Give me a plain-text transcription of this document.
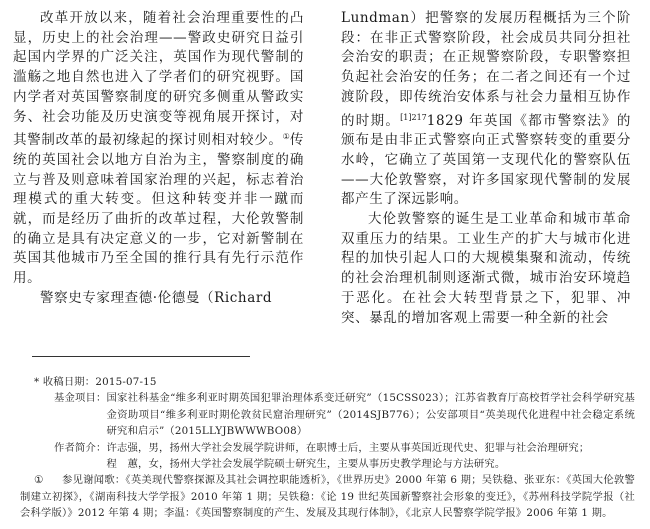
改革开放以来，随着社会治理重要性的凸显，历史上的社会治理——警政史研究日益引起国内学界的广泛关注，英国作为现代警制的滥觞之地自然也进入了学者们的研究视野。国内学者对英国警察制度的研究多侧重从警政实务、社会功能及历史演变等视角展开探讨，对其警制改革的最初缘起的探讨则相对较少。①传统的英国社会以地方自治为主，警察制度的确立与普及则意味着国家治理的兴起，标志着治理模式的重大转变。但这种转变并非一蹴而就，而是经历了曲折的改革过程，大伦敦警制的确立是具有决定意义的一步，它对新警制在英国其他城市乃至全国的推行具有先行示范作用。

警察史专家理查德·伦德曼（Richard

Lundman）把警察的发展历程概括为三个阶段：在非正式警察阶段，社会成员共同分担社会治安的职责；在正规警察阶段，专职警察担负起社会治安的任务；在二者之间还有一个过渡阶段，即传统治安体系与社会力量相互协作的时期。$^{[1]217}$1829 年英国《都市警察法》的颁布是由非正式警察向正式警察转变的重要分水岭，它确立了英国第一支现代化的警察队伍——大伦敦警察，对许多国家现代警制的发展都产生了深远影响。

大伦敦警察的诞生是工业革命和城市革命双重压力的结果。工业生产的扩大与城市化进程的加快引起人口的大规模集聚和流动，传统的社会治理机制则逐渐式微，城市治安环境趋于恶化。在社会大转型背景之下，犯罪、冲突、暴乱的增加客观上需要一种全新的社会

* 收稿日期： 2015-07-15
基金项目： 国家社科基金“维多利亚时期英国犯罪治理体系变迁研究”（15CSS023）；江苏省教育厅高校哲学社会科学研究基金资助项目“维多利亚时期伦敦贫民窟治理研究”（2014SJB776）；公安部项目“英美现代化进程中社会稳定系统研究和启示”（2015LLYJBWWWBO08）
作者简介： 许志强，男，扬州大学社会发展学院讲师，在职博士后，主要从事英国近现代史、犯罪与社会治理研究；
程　蕙，女，扬州大学社会发展学院硕士研究生，主要从事历史教学理论与方法研究。
① 参见谢闻歌：《英美现代警察探源及其社会调控职能透析》，《世界历史》2000 年第 6 期；吴铁稳、张亚东：《英国大伦敦警制建立初探》，《湖南科技大学学报》2010 年第 1 期；吴铁稳：《论 19 世纪英国新警察社会形象的变迁》，《苏州科技学院学报（社会科学版）》2012 年第 4 期；李温：《英国警察制度的产生、发展及其现行体制》，《北京人民警察学院学报》2006 年第 1 期。
